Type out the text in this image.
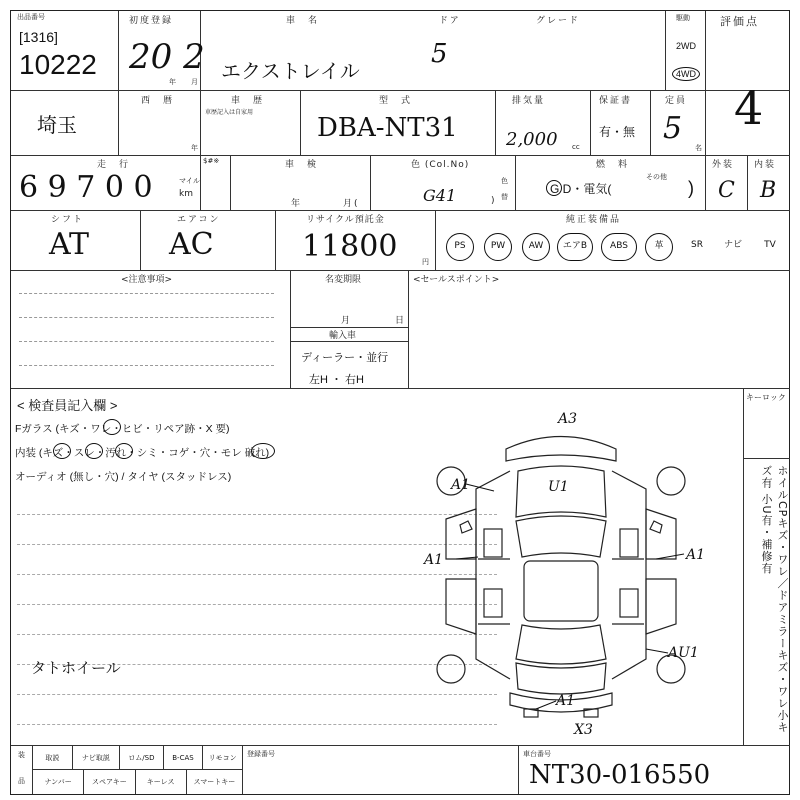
出品番号
[1316]
10222
初度登録
20 2
年 月
車　名	ドア	グレード
エクストレイル
5
駆動
2WD
4WD
評価点
埼玉
西　暦
年
車　歴
車歴記入は自家用
型　式
DBA-NT31
排気量
2,000 cc
保証書
有・無
定員
5
名
4
走　行
6 9 7 0 0	マイル
km
$#※	車　検
年	月(
色 (Col.No)
G41	)
色
替
燃　料
その他
G D・電気(	)
外装
C
内装
B
シフト
AT
エアコン
AC
リサイクル預託金
11800	円
純正装備品
PS	PW	AW	エアB	ABS	革	SR	ナビ	TV
<注意事項>	名変期限
月	日
輸入車
ディーラー・並行
左H ・ 右H
<セールスポイント>
< 検査員記入欄 >
Fガラス (キズ・ワレ・ヒビ・リペア跡・X 要)
内装 (キズ・スレ・汚れ・シミ・コゲ・穴・モレ 破れ)
オーディオ (無し・穴) / タイヤ (スタッドレス)
タトホイール
A3
A1	U1
A1	A1
AU1
A1
X3
キーロック
ホイルCPキズ・ワレ／ドアミラーキズ・ワレ小キズ有 小U有・補修有
装
品
取説	ナビ取説	ロム/SD	B-CAS	リモコン
ナンバー	スペアキー	キーレス	スマートキー
登録番号	車台番号
NT30-016550
